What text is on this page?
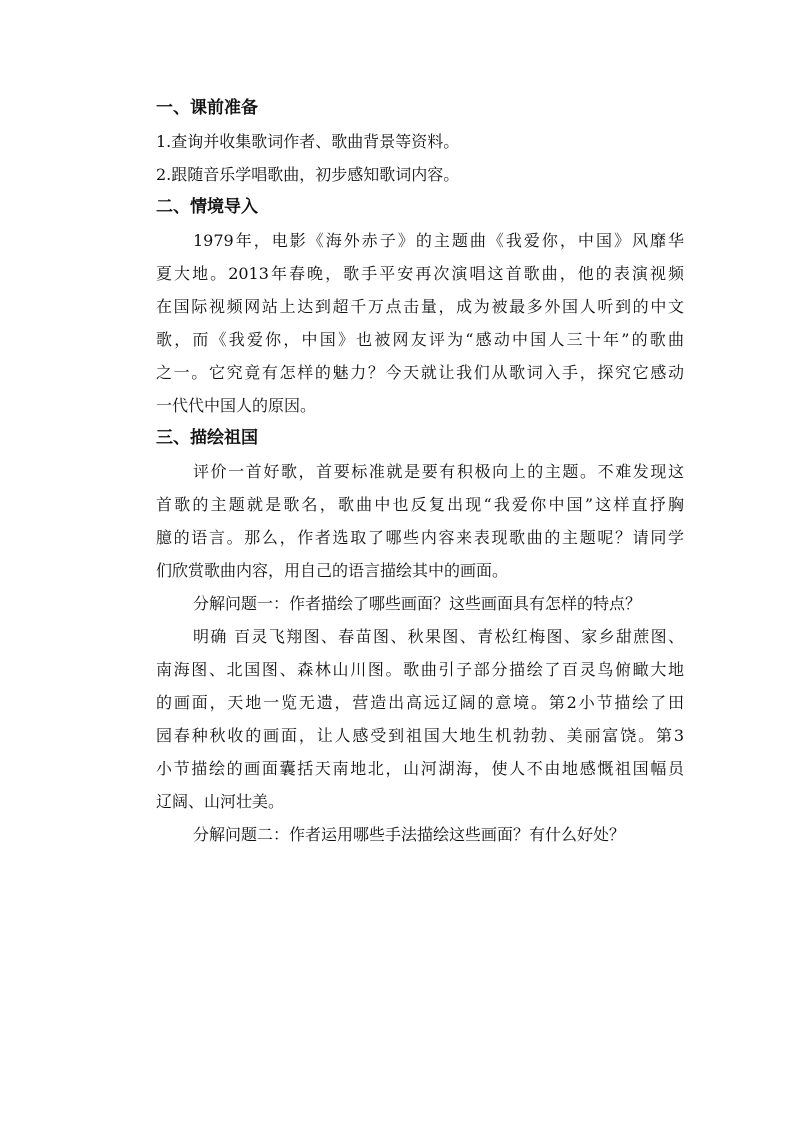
一、课前准备
1.查询并收集歌词作者、歌曲背景等资料。
2.跟随音乐学唱歌曲，初步感知歌词内容。
二、情境导入
1979年，电影《海外赤子》的主题曲《我爱你，中国》风靡华
夏大地。2013年春晚，歌手平安再次演唱这首歌曲，他的表演视频
在国际视频网站上达到超千万点击量，成为被最多外国人听到的中文
歌，而《我爱你，中国》也被网友评为“感动中国人三十年”的歌曲
之一。它究竟有怎样的魅力？今天就让我们从歌词入手，探究它感动
一代代中国人的原因。
三、描绘祖国
评价一首好歌，首要标准就是要有积极向上的主题。不难发现这
首歌的主题就是歌名，歌曲中也反复出现“我爱你中国”这样直抒胸
臆的语言。那么，作者选取了哪些内容来表现歌曲的主题呢？请同学
们欣赏歌曲内容，用自己的语言描绘其中的画面。
分解问题一：作者描绘了哪些画面？这些画面具有怎样的特点？
明确 百灵飞翔图、春苗图、秋果图、青松红梅图、家乡甜蔗图、
南海图、北国图、森林山川图。歌曲引子部分描绘了百灵鸟俯瞰大地
的画面，天地一览无遗，营造出高远辽阔的意境。第2小节描绘了田
园春种秋收的画面，让人感受到祖国大地生机勃勃、美丽富饶。第3
小节描绘的画面囊括天南地北，山河湖海，使人不由地感慨祖国幅员
辽阔、山河壮美。
分解问题二：作者运用哪些手法描绘这些画面？有什么好处？
